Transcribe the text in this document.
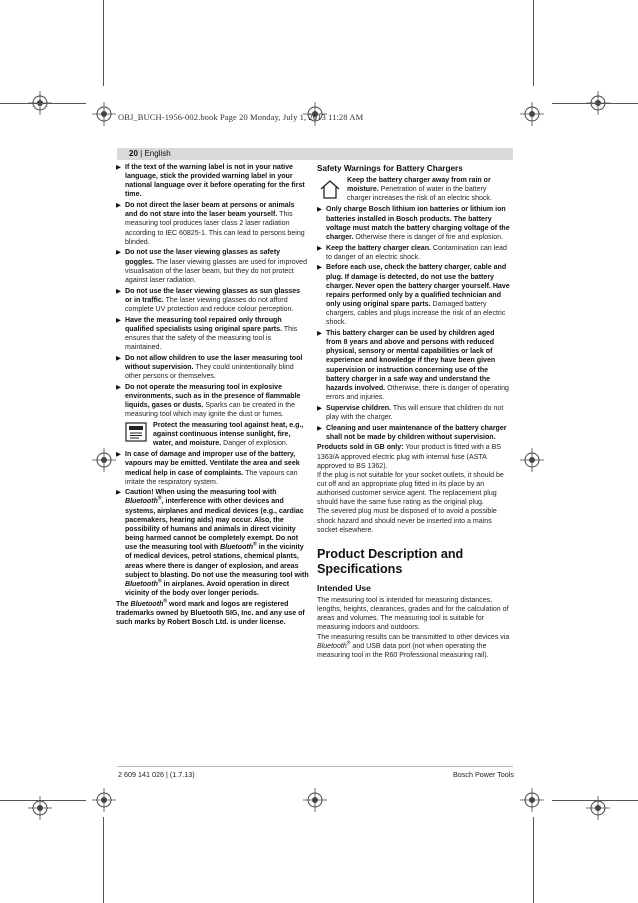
OBJ_BUCH-1956-002.book Page 20 Monday, July 1, 2013 11:28 AM
20 | English
▶ If the text of the warning label is not in your native language, stick the provided warning label in your national language over it before operating for the first time.
▶ Do not direct the laser beam at persons or animals and do not stare into the laser beam yourself. This measuring tool produces laser class 2 laser radiation according to IEC 60825-1. This can lead to persons being blinded.
▶ Do not use the laser viewing glasses as safety goggles. The laser viewing glasses are used for improved visualisation of the laser beam, but they do not protect against laser radiation.
▶ Do not use the laser viewing glasses as sun glasses or in traffic. The laser viewing glasses do not afford complete UV protection and reduce colour perception.
▶ Have the measuring tool repaired only through qualified specialists using original spare parts. This ensures that the safety of the measuring tool is maintained.
▶ Do not allow children to use the laser measuring tool without supervision. They could unintentionally blind other persons or themselves.
▶ Do not operate the measuring tool in explosive environments, such as in the presence of flammable liquids, gases or dusts. Sparks can be created in the measuring tool which may ignite the dust or fumes.
Protect the measuring tool against heat, e.g., against continuous intense sunlight, fire, water, and moisture. Danger of explosion.
▶ In case of damage and improper use of the battery, vapours may be emitted. Ventilate the area and seek medical help in case of complaints. The vapours can irritate the respiratory system.
▶ Caution! When using the measuring tool with Bluetooth®, interference with other devices and systems, airplanes and medical devices (e.g., cardiac pacemakers, hearing aids) may occur. Also, the possibility of humans and animals in direct vicinity being harmed cannot be completely exempt. Do not use the measuring tool with Bluetooth® in the vicinity of medical devices, petrol stations, chemical plants, areas where there is danger of explosion, and areas subject to blasting. Do not use the measuring tool with Bluetooth® in airplanes. Avoid operation in direct vicinity of the body over longer periods.
The Bluetooth® word mark and logos are registered trademarks owned by Bluetooth SIG, Inc. and any use of such marks by Robert Bosch Ltd. is under license.
Safety Warnings for Battery Chargers
Keep the battery charger away from rain or moisture. Penetration of water in the battery charger increases the risk of an electric shock.
▶ Only charge Bosch lithium ion batteries or lithium ion batteries installed in Bosch products. The battery voltage must match the battery charging voltage of the charger. Otherwise there is danger of fire and explosion.
▶ Keep the battery charger clean. Contamination can lead to danger of an electric shock.
▶ Before each use, check the battery charger, cable and plug. If damage is detected, do not use the battery charger. Never open the battery charger yourself. Have repairs performed only by a qualified technician and only using original spare parts. Damaged battery chargers, cables and plugs increase the risk of an electric shock.
▶ This battery charger can be used by children aged from 8 years and above and persons with reduced physical, sensory or mental capabilities or lack of experience and knowledge if they have been given supervision or instruction concerning use of the battery charger in a safe way and understand the hazards involved. Otherwise, there is danger of operating errors and injuries.
▶ Supervise children. This will ensure that children do not play with the charger.
▶ Cleaning and user maintenance of the battery charger shall not be made by children without supervision.
Products sold in GB only: Your product is fitted with a BS 1363/A approved electric plug with internal fuse (ASTA approved to BS 1362).
If the plug is not suitable for your socket outlets, it should be cut off and an appropriate plug fitted in its place by an authorised customer service agent. The replacement plug should have the same fuse rating as the original plug.
The severed plug must be disposed of to avoid a possible shock hazard and should never be inserted into a mains socket elsewhere.
Product Description and Specifications
Intended Use
The measuring tool is intended for measuring distances, lengths, heights, clearances, grades and for the calculation of areas and volumes. The measuring tool is suitable for measuring indoors and outdoors.
The measuring results can be transmitted to other devices via Bluetooth® and USB data port (not when operating the measuring tool in the R60 Professional measuring rail).
2 609 141 026 | (1.7.13)	Bosch Power Tools
